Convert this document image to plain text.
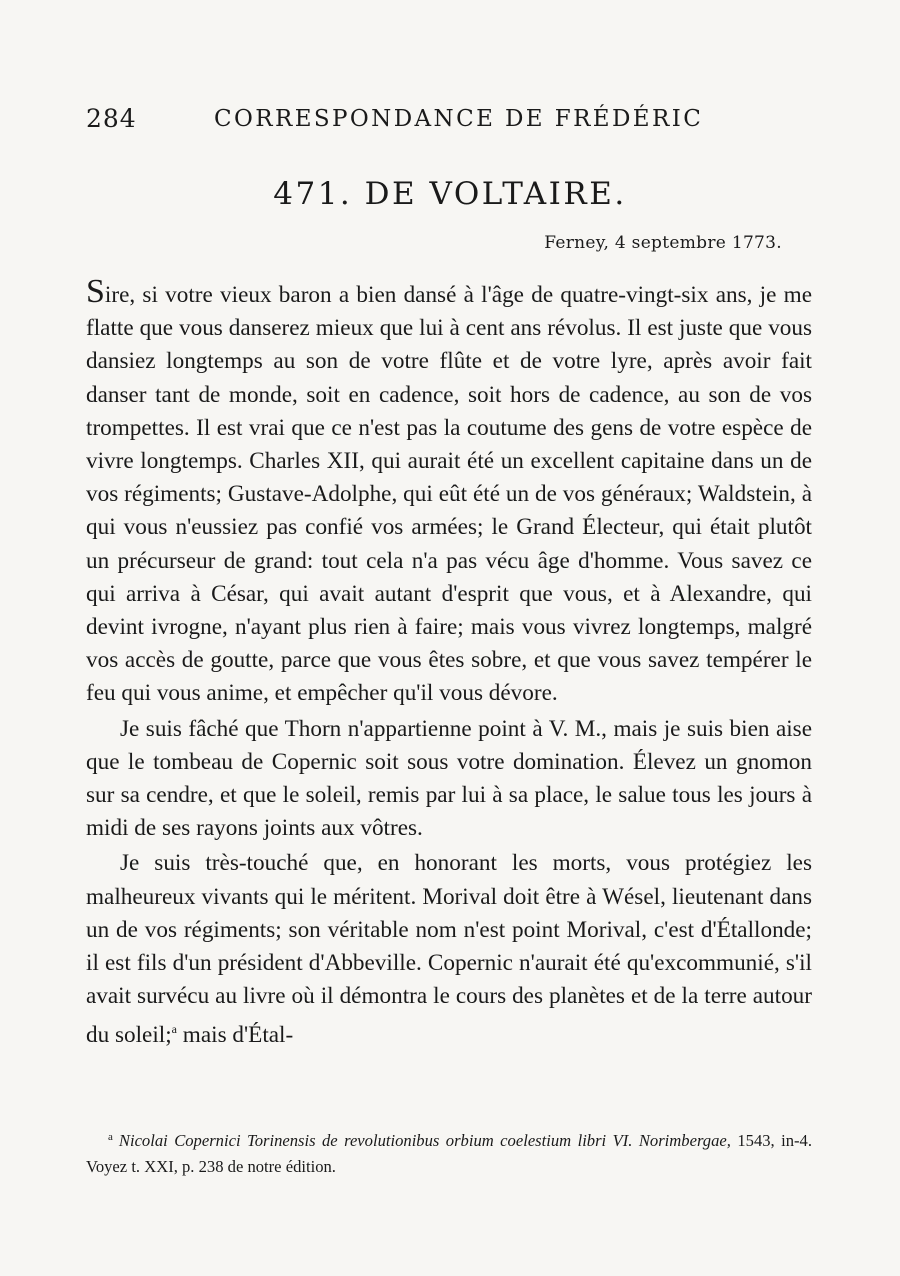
284	CORRESPONDANCE DE FRÉDÉRIC
471. DE VOLTAIRE.
Ferney, 4 septembre 1773.

Sire, si votre vieux baron a bien dansé à l'âge de quatre-vingt-six ans, je me flatte que vous danserez mieux que lui à cent ans révolus. Il est juste que vous dansiez longtemps au son de votre flûte et de votre lyre, après avoir fait danser tant de monde, soit en cadence, soit hors de cadence, au son de vos trompettes. Il est vrai que ce n'est pas la coutume des gens de votre espèce de vivre longtemps. Charles XII, qui aurait été un excellent capitaine dans un de vos régiments; Gustave-Adolphe, qui eût été un de vos généraux; Waldstein, à qui vous n'eussiez pas confié vos armées; le Grand Électeur, qui était plutôt un précurseur de grand: tout cela n'a pas vécu âge d'homme. Vous savez ce qui arriva à César, qui avait autant d'esprit que vous, et à Alexandre, qui devint ivrogne, n'ayant plus rien à faire; mais vous vivrez longtemps, malgré vos accès de goutte, parce que vous êtes sobre, et que vous savez tempérer le feu qui vous anime, et empêcher qu'il vous dévore.

Je suis fâché que Thorn n'appartienne point à V. M., mais je suis bien aise que le tombeau de Copernic soit sous votre domination. Élevez un gnomon sur sa cendre, et que le soleil, remis par lui à sa place, le salue tous les jours à midi de ses rayons joints aux vôtres.

Je suis très-touché que, en honorant les morts, vous protégiez les malheureux vivants qui le méritent. Morival doit être à Wésel, lieutenant dans un de vos régiments; son véritable nom n'est point Morival, c'est d'Étallonde; il est fils d'un président d'Abbeville. Copernic n'aurait été qu'excommunié, s'il avait survécu au livre où il démontra le cours des planètes et de la terre autour du soleil;$^a$ mais d'Étal-

$^a$ Nicolai Copernici Torinensis de revolutionibus orbium coelestium libri VI. Norimbergae, 1543, in-4. Voyez t. XXI, p. 238 de notre édition.
